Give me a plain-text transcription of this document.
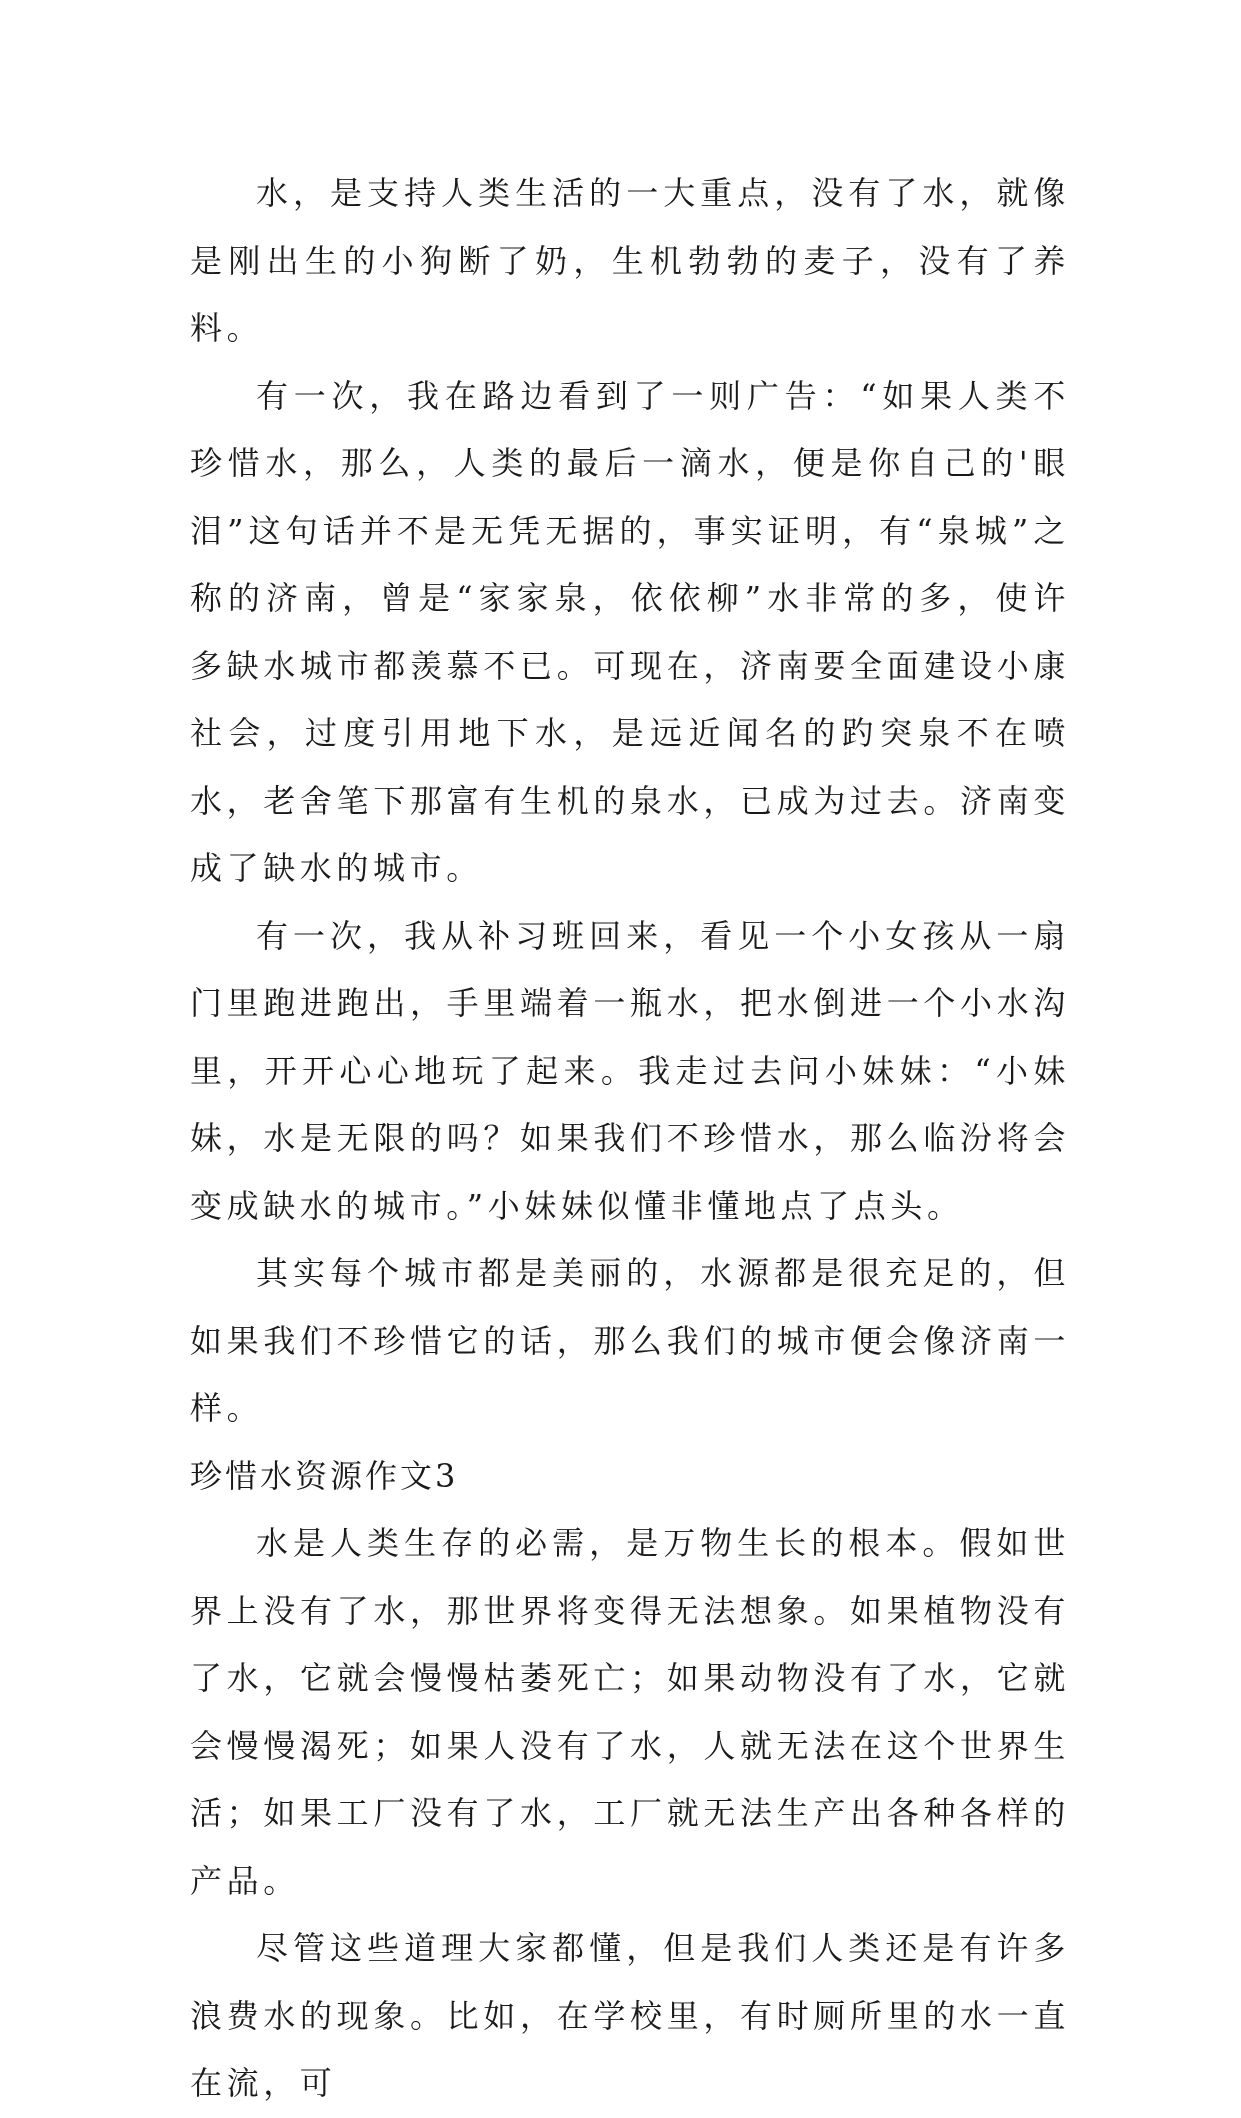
水，是支持人类生活的一大重点，没有了水，就像是刚出生的小狗断了奶，生机勃勃的麦子，没有了养料。

有一次，我在路边看到了一则广告：“如果人类不珍惜水，那么，人类的最后一滴水，便是你自己的'眼泪”这句话并不是无凭无据的，事实证明，有“泉城”之称的济南，曾是“家家泉，依依柳”水非常的多，使许多缺水城市都羡慕不已。可现在，济南要全面建设小康社会，过度引用地下水，是远近闻名的趵突泉不在喷水，老舍笔下那富有生机的泉水，已成为过去。济南变成了缺水的城市。

有一次，我从补习班回来，看见一个小女孩从一扇门里跑进跑出，手里端着一瓶水，把水倒进一个小水沟里，开开心心地玩了起来。我走过去问小妹妹：“小妹妹，水是无限的吗？如果我们不珍惜水，那么临汾将会变成缺水的城市。”小妹妹似懂非懂地点了点头。

其实每个城市都是美丽的，水源都是很充足的，但如果我们不珍惜它的话，那么我们的城市便会像济南一样。

珍惜水资源作文3

水是人类生存的必需，是万物生长的根本。假如世界上没有了水，那世界将变得无法想象。如果植物没有了水，它就会慢慢枯萎死亡；如果动物没有了水，它就会慢慢渴死；如果人没有了水，人就无法在这个世界生活；如果工厂没有了水，工厂就无法生产出各种各样的产品。

尽管这些道理大家都懂，但是我们人类还是有许多浪费水的现象。比如，在学校里，有时厕所里的水一直在流，可
